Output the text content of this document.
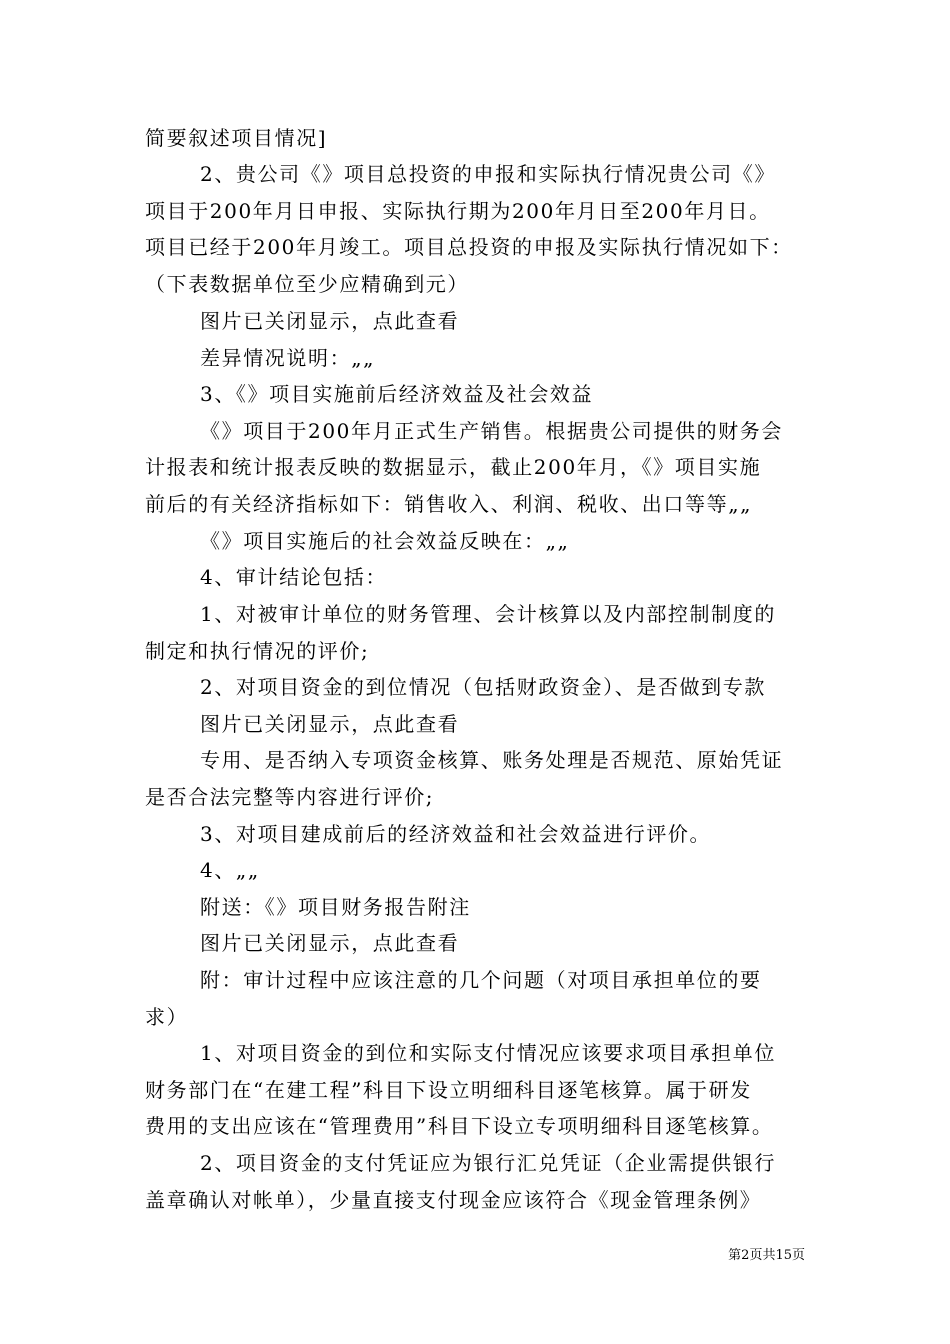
简要叙述项目情况]
2、贵公司《》项目总投资的申报和实际执行情况贵公司《》
项目于200年月日申报、实际执行期为200年月日至200年月日。
项目已经于200年月竣工。项目总投资的申报及实际执行情况如下：
（下表数据单位至少应精确到元）
图片已关闭显示，点此查看
差异情况说明：„„
3、《》项目实施前后经济效益及社会效益
《》项目于200年月正式生产销售。根据贵公司提供的财务会
计报表和统计报表反映的数据显示，截止200年月，《》项目实施
前后的有关经济指标如下：销售收入、利润、税收、出口等等„„
《》项目实施后的社会效益反映在：„„
4、审计结论包括：
1、对被审计单位的财务管理、会计核算以及内部控制制度的
制定和执行情况的评价;
2、对项目资金的到位情况（包括财政资金）、是否做到专款
图片已关闭显示，点此查看
专用、是否纳入专项资金核算、账务处理是否规范、原始凭证
是否合法完整等内容进行评价;
3、对项目建成前后的经济效益和社会效益进行评价。
4、„„
附送：《》项目财务报告附注
图片已关闭显示，点此查看
附：审计过程中应该注意的几个问题（对项目承担单位的要
求）
1、对项目资金的到位和实际支付情况应该要求项目承担单位
财务部门在“在建工程”科目下设立明细科目逐笔核算。属于研发
费用的支出应该在“管理费用”科目下设立专项明细科目逐笔核算。
2、项目资金的支付凭证应为银行汇兑凭证（企业需提供银行
盖章确认对帐单），少量直接支付现金应该符合《现金管理条例》
第2页共15页
